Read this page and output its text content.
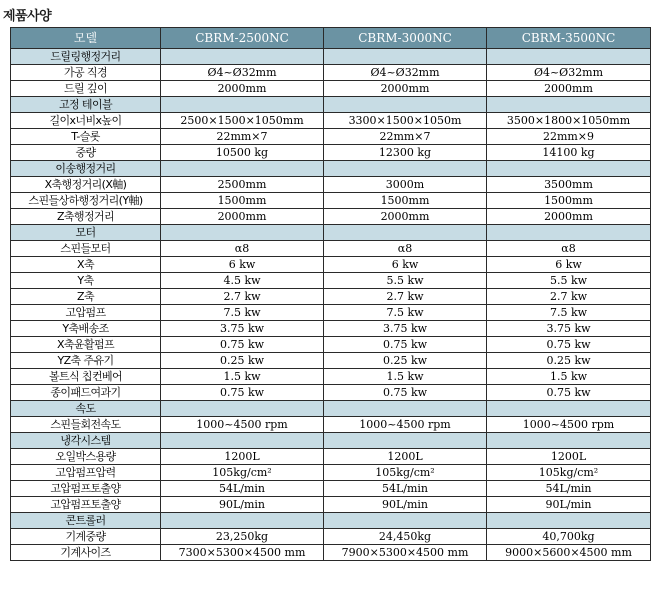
제품사양
모델	CBRM-2500NC	CBRM-3000NC	CBRM-3500NC
드릴링행정거리			
가공 직경	Ø4~Ø32mm	Ø4~Ø32mm	Ø4~Ø32mm
드릴 깊이	2000mm	2000mm	2000mm
고정 테이블			
길이x너비x높이	2500×1500×1050mm	3300×1500×1050m	3500×1800×1050mm
T-슬롯	22mm×7	22mm×7	22mm×9
중량	10500 kg	12300 kg	14100 kg
이송행정거리			
X축행정거리(X軸)	2500mm	3000m	3500mm
스핀들상하행정거리(Y軸)	1500mm	1500mm	1500mm
Z축행정거리	2000mm	2000mm	2000mm
모터			
스핀들모터	α8	α8	α8
X축	6 kw	6 kw	6 kw
Y축	4.5 kw	5.5 kw	5.5 kw
Z축	2.7 kw	2.7 kw	2.7 kw
고압펌프	7.5 kw	7.5 kw	7.5 kw
Y축배송조	3.75 kw	3.75 kw	3.75 kw
X축윤활펌프	0.75 kw	0.75 kw	0.75 kw
YZ축 주유기	0.25 kw	0.25 kw	0.25 kw
볼트식 칩컨베어	1.5 kw	1.5 kw	1.5 kw
종이패드여과기	0.75 kw	0.75 kw	0.75 kw
속도			
스핀들회전속도	1000~4500 rpm	1000~4500 rpm	1000~4500 rpm
냉각시스템			
오일박스용량	1200L	1200L	1200L
고압펌프압력	105kg/cm²	105kg/cm²	105kg/cm²
고압펌프토출양	54L/min	54L/min	54L/min
고압펌프토출양	90L/min	90L/min	90L/min
콘트롤러			
기계중량	23,250kg	24,450kg	40,700kg
기계사이즈	7300×5300×4500 mm	7900×5300×4500 mm	9000×5600×4500 mm
